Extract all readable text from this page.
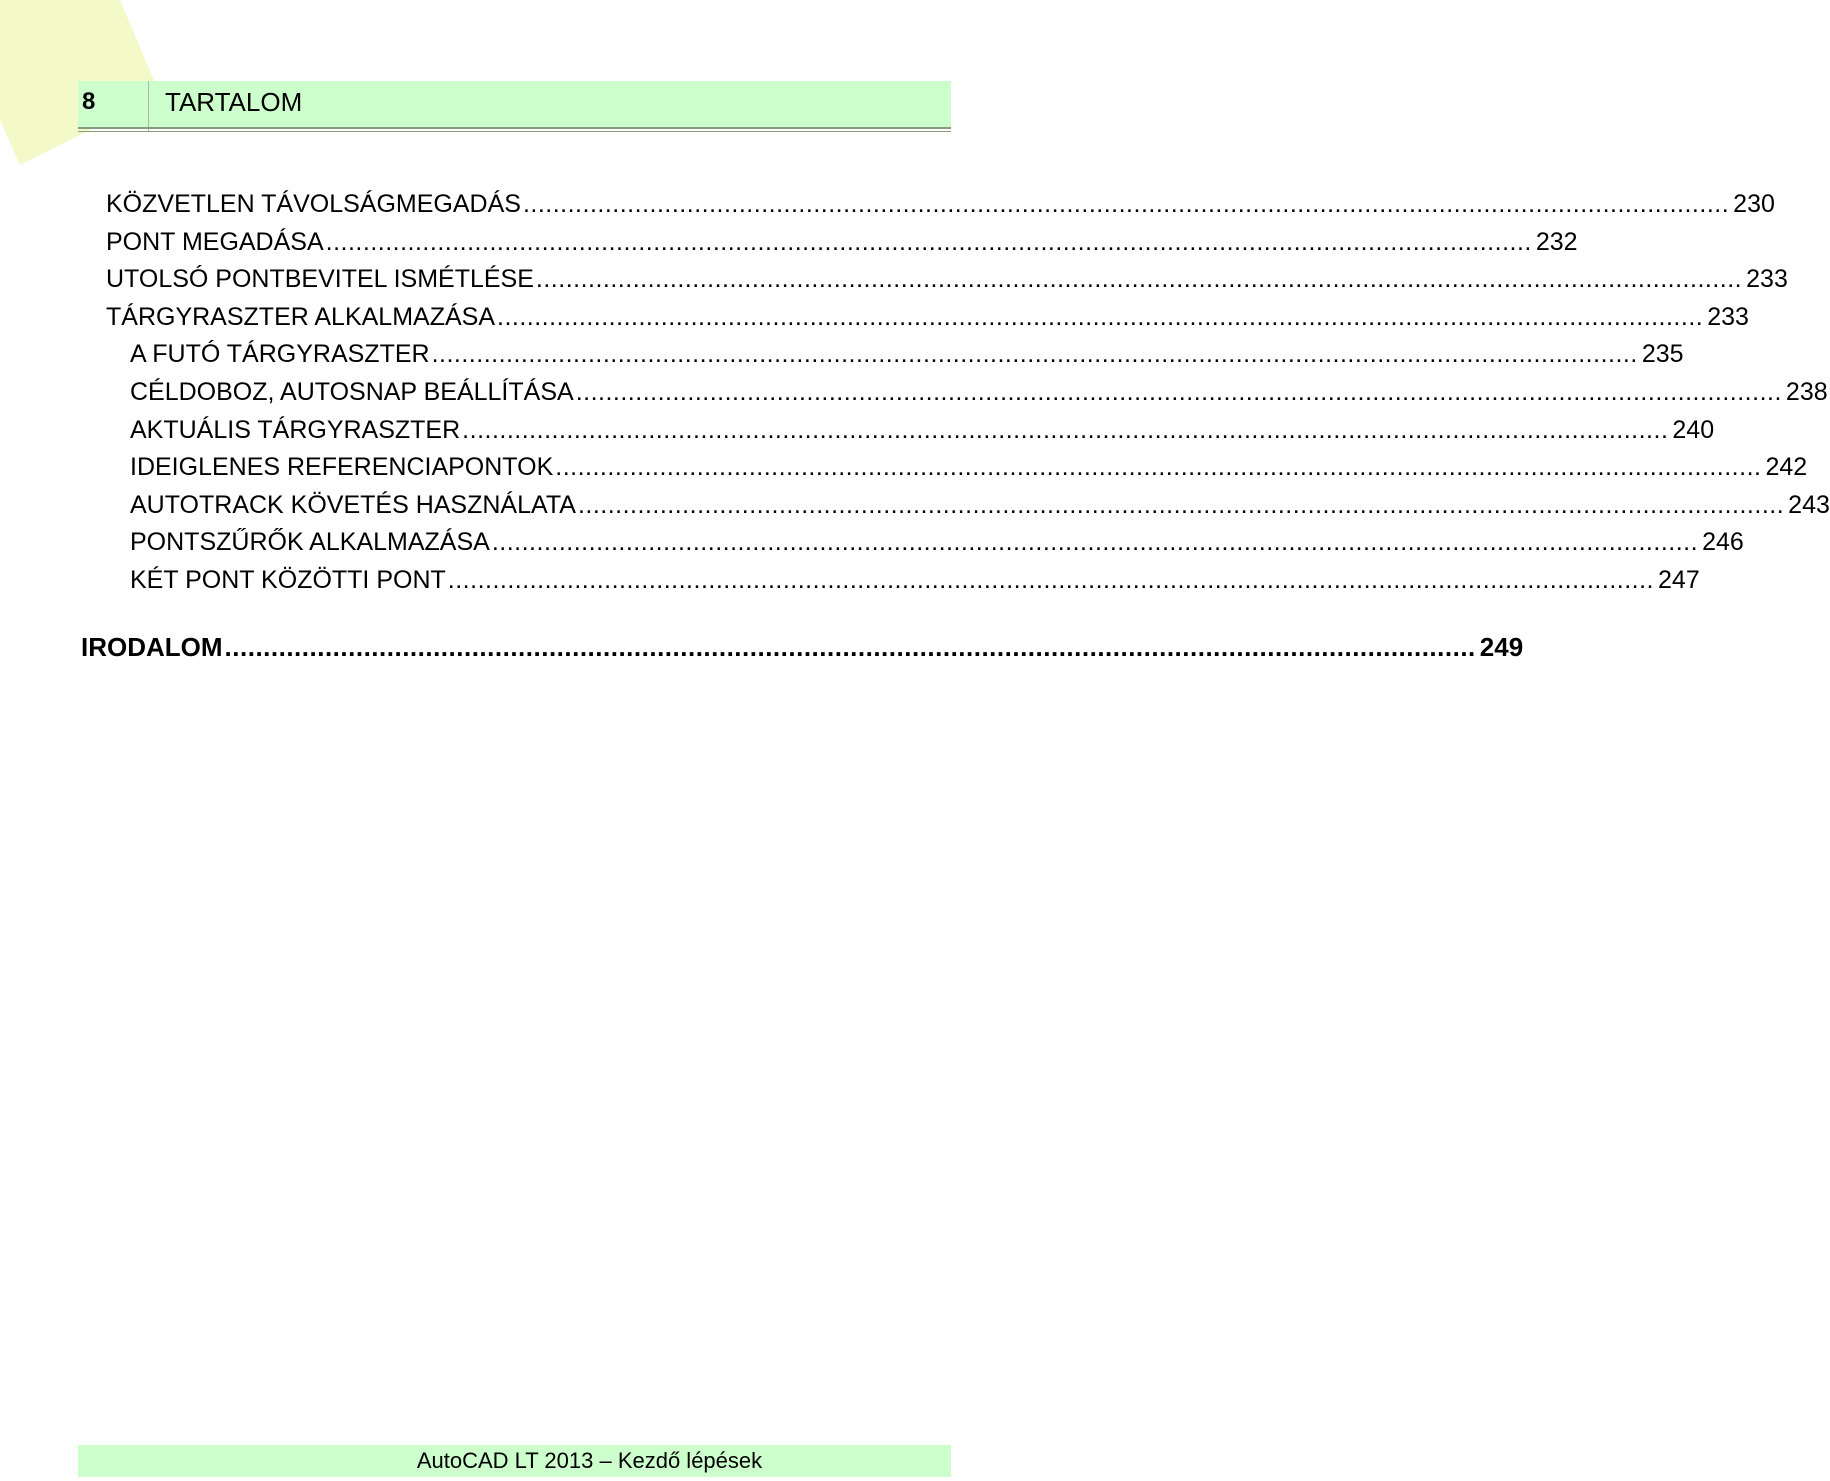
8	TARTALOM
KÖZVETLEN TÁVOLSÁGMEGADÁS .................................................................................................................................................................. 230
PONT MEGADÁSA .................................................................................................................................................................. 232
UTOLSÓ PONTBEVITEL ISMÉTLÉSE .................................................................................................................................................................. 233
TÁRGYRASZTER ALKALMAZÁSA .................................................................................................................................................................. 233
A FUTÓ TÁRGYRASZTER .................................................................................................................................................................. 235
CÉLDOBOZ, AUTOSNAP BEÁLLÍTÁSA .................................................................................................................................................................. 238
AKTUÁLIS TÁRGYRASZTER .................................................................................................................................................................. 240
IDEIGLENES REFERENCIAPONTOK .................................................................................................................................................................. 242
AUTOTRACK KÖVETÉS HASZNÁLATA .................................................................................................................................................................. 243
PONTSZŰRŐK ALKALMAZÁSA .................................................................................................................................................................. 246
KÉT PONT KÖZÖTTI PONT .................................................................................................................................................................. 247
IRODALOM .................................................................................................................................................................. 249
AutoCAD LT 2013 – Kezdő lépések
